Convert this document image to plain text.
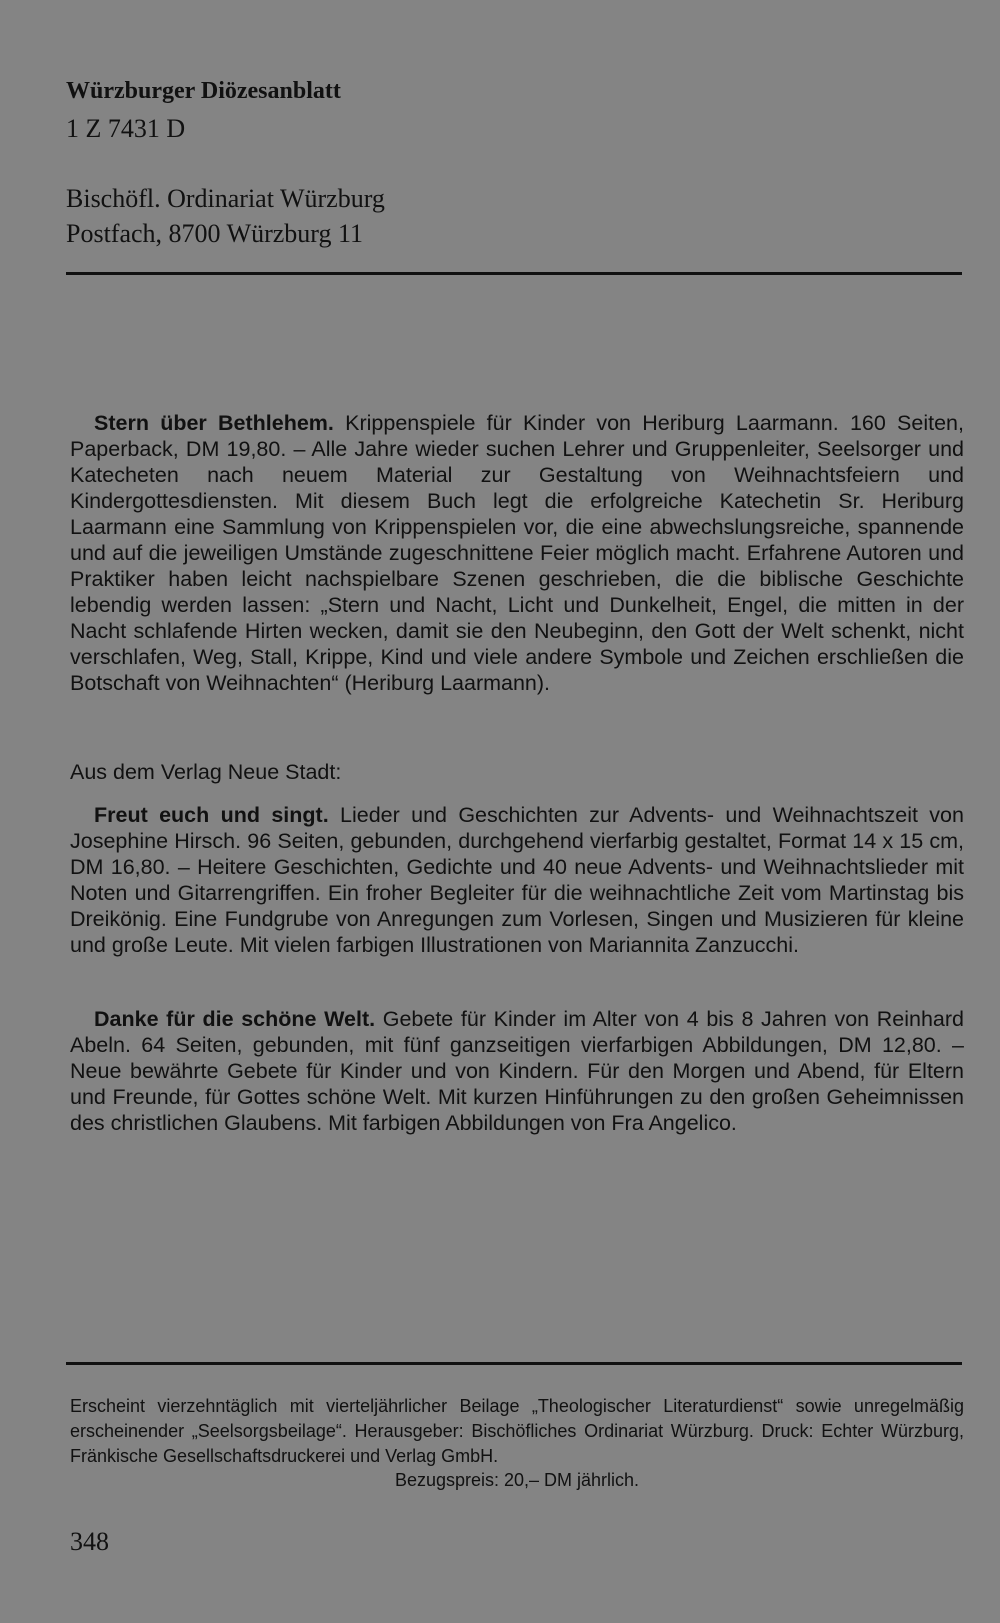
Würzburger Diözesanblatt
1 Z 7431 D
Bischöfl. Ordinariat Würzburg
Postfach, 8700 Würzburg 11

Stern über Bethlehem. Krippenspiele für Kinder von Heriburg Laarmann. 160 Seiten, Paperback, DM 19,80. – Alle Jahre wieder suchen Lehrer und Gruppenleiter, Seelsorger und Katecheten nach neuem Material zur Gestaltung von Weihnachtsfeiern und Kindergottesdiensten. Mit diesem Buch legt die erfolgreiche Katechetin Sr. Heriburg Laarmann eine Sammlung von Krippenspielen vor, die eine abwechslungsreiche, spannende und auf die jeweiligen Umstände zugeschnittene Feier möglich macht. Erfahrene Autoren und Praktiker haben leicht nachspielbare Szenen geschrieben, die die biblische Geschichte lebendig werden lassen: „Stern und Nacht, Licht und Dunkelheit, Engel, die mitten in der Nacht schlafende Hirten wecken, damit sie den Neubeginn, den Gott der Welt schenkt, nicht verschlafen, Weg, Stall, Krippe, Kind und viele andere Symbole und Zeichen erschließen die Botschaft von Weihnachten“ (Heriburg Laarmann).

Aus dem Verlag Neue Stadt:

Freut euch und singt. Lieder und Geschichten zur Advents- und Weihnachtszeit von Josephine Hirsch. 96 Seiten, gebunden, durchgehend vierfarbig gestaltet, Format 14 x 15 cm, DM 16,80. – Heitere Geschichten, Gedichte und 40 neue Advents- und Weihnachtslieder mit Noten und Gitarrengriffen. Ein froher Begleiter für die weihnachtliche Zeit vom Martinstag bis Dreikönig. Eine Fundgrube von Anregungen zum Vorlesen, Singen und Musizieren für kleine und große Leute. Mit vielen farbigen Illustrationen von Mariannita Zanzucchi.

Danke für die schöne Welt. Gebete für Kinder im Alter von 4 bis 8 Jahren von Reinhard Abeln. 64 Seiten, gebunden, mit fünf ganzseitigen vierfarbigen Abbildungen, DM 12,80. – Neue bewährte Gebete für Kinder und von Kindern. Für den Morgen und Abend, für Eltern und Freunde, für Gottes schöne Welt. Mit kurzen Hinführungen zu den großen Geheimnissen des christlichen Glaubens. Mit farbigen Abbildungen von Fra Angelico.

Erscheint vierzehntäglich mit vierteljährlicher Beilage „Theologischer Literaturdienst“ sowie unregelmäßig erscheinender „Seelsorgsbeilage“. Herausgeber: Bischöfliches Ordinariat Würzburg. Druck: Echter Würzburg, Fränkische Gesellschaftsdruckerei und Verlag GmbH.
Bezugspreis: 20,– DM jährlich.
348
